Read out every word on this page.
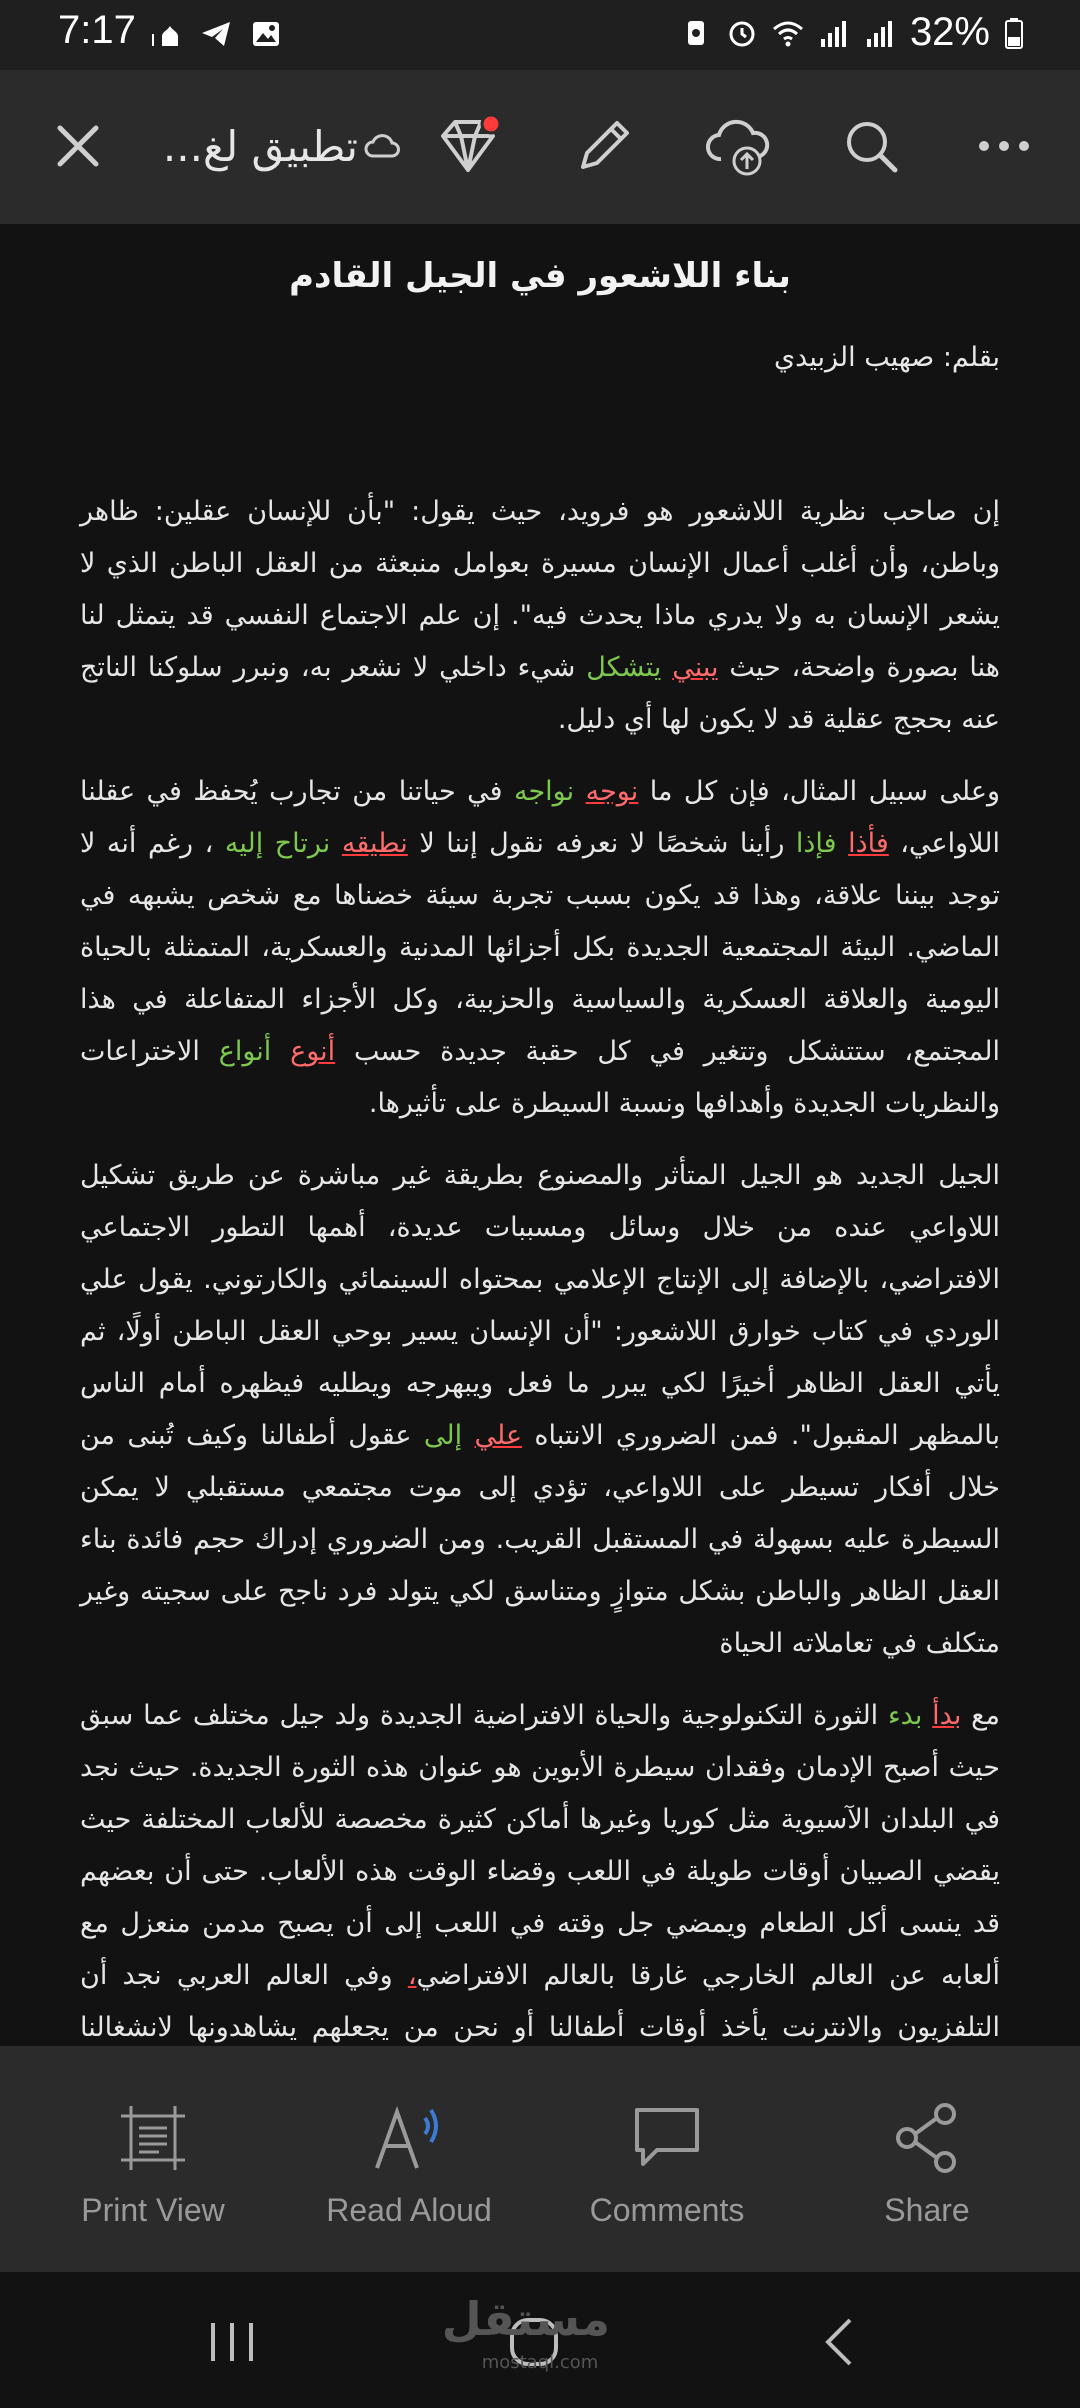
7:17	32%
تطبيق لغ...
بناء اللاشعور في الجيل القادم
بقلم: صهيب الزبيدي

إن صاحب نظرية اللاشعور هو فرويد، حيث يقول: "بأن للإنسان عقلين: ظاهر وباطن، وأن أغلب أعمال الإنسان مسيرة بعوامل منبعثة من العقل الباطن الذي لا يشعر الإنسان به ولا يدري ماذا يحدث فيه". إن علم الاجتماع النفسي قد يتمثل لنا هنا بصورة واضحة، حيث يبني يتشكل شيء داخلي لا نشعر به، ونبرر سلوكنا الناتج عنه بحجج عقلية قد لا يكون لها أي دليل.

وعلى سبيل المثال، فإن كل ما نوجه نواجه في حياتنا من تجارب يُحفظ في عقلنا اللاواعي، فأذا فإذا رأينا شخصًا لا نعرفه نقول إننا لا نطيقه نرتاح إليه ، رغم أنه لا توجد بيننا علاقة، وهذا قد يكون بسبب تجربة سيئة خضناها مع شخص يشبهه في الماضي. البيئة المجتمعية الجديدة بكل أجزائها المدنية والعسكرية، المتمثلة بالحياة اليومية والعلاقة العسكرية والسياسية والحزبية، وكل الأجزاء المتفاعلة في هذا المجتمع، ستتشكل وتتغير في كل حقبة جديدة حسب أنوع أنواع الاختراعات والنظريات الجديدة وأهدافها ونسبة السيطرة على تأثيرها.

الجيل الجديد هو الجيل المتأثر والمصنوع بطريقة غير مباشرة عن طريق تشكيل اللاواعي عنده من خلال وسائل ومسببات عديدة، أهمها التطور الاجتماعي الافتراضي، بالإضافة إلى الإنتاج الإعلامي بمحتواه السينمائي والكارتوني. يقول علي الوردي في كتاب خوارق اللاشعور: "أن الإنسان يسير بوحي العقل الباطن أولًا، ثم يأتي العقل الظاهر أخيرًا لكي يبرر ما فعل ويبهرجه ويطليه فيظهره أمام الناس بالمظهر المقبول". فمن الضروري الانتباه علي إلى عقول أطفالنا وكيف تُبنى من خلال أفكار تسيطر على اللاواعي، تؤدي إلى موت مجتمعي مستقبلي لا يمكن السيطرة عليه بسهولة في المستقبل القريب. ومن الضروري إدراك حجم فائدة بناء العقل الظاهر والباطن بشكل متوازٍ ومتناسق لكي يتولد فرد ناجح على سجيته وغير متكلف في تعاملاته الحياة

مع بدأ بدء الثورة التكنولوجية والحياة الافتراضية الجديدة ولد جيل مختلف عما سبق حيث أصبح الإدمان وفقدان سيطرة الأبوين هو عنوان هذه الثورة الجديدة. حيث نجد في البلدان الآسيوية مثل كوريا وغيرها أماكن كثيرة مخصصة للألعاب المختلفة حيث يقضي الصبيان أوقات طويلة في اللعب وقضاء الوقت هذه الألعاب. حتى أن بعضهم قد ينسى أكل الطعام ويمضي جل وقته في اللعب إلى أن يصبح مدمن منعزل مع ألعابه عن العالم الخارجي غارقا بالعالم الافتراضي، وفي العالم العربي نجد أن التلفزيون والانترنت يأخذ أوقات أطفالنا أو نحن من يجعلهم يشاهدونها لانشغالنا

Print View	Read Aloud	Comments	Share
مستقل
mostaql.com
